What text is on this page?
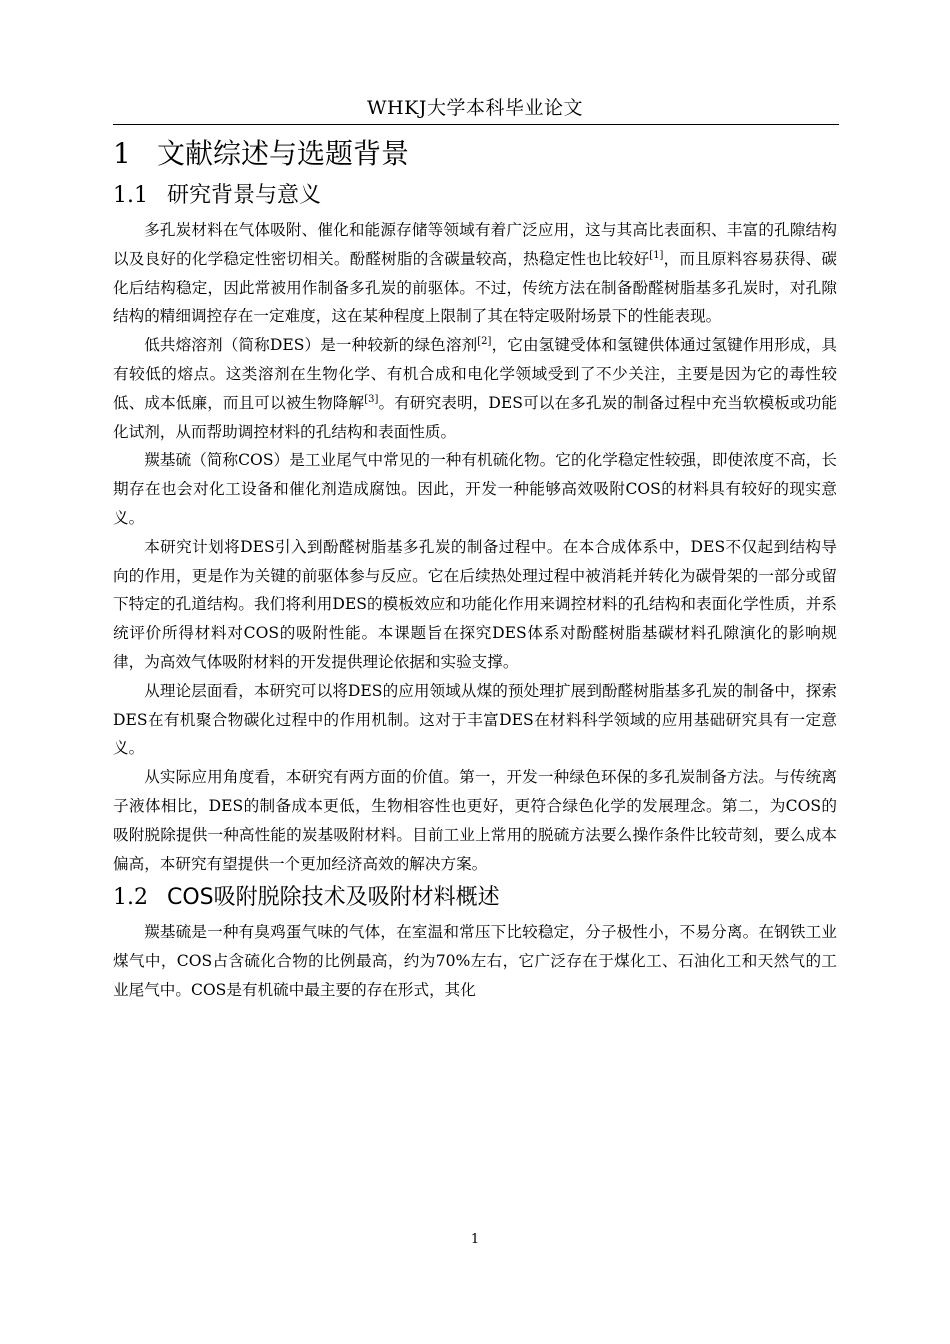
WHKJ大学本科毕业论文
1 文献综述与选题背景
1.1 研究背景与意义

多孔炭材料在气体吸附、催化和能源存储等领域有着广泛应用，这与其高比表面积、丰富的孔隙结构以及良好的化学稳定性密切相关。酚醛树脂的含碳量较高，热稳定性也比较好[1]，而且原料容易获得、碳化后结构稳定，因此常被用作制备多孔炭的前驱体。不过，传统方法在制备酚醛树脂基多孔炭时，对孔隙结构的精细调控存在一定难度，这在某种程度上限制了其在特定吸附场景下的性能表现。

低共熔溶剂（简称DES）是一种较新的绿色溶剂[2]，它由氢键受体和氢键供体通过氢键作用形成，具有较低的熔点。这类溶剂在生物化学、有机合成和电化学领域受到了不少关注，主要是因为它的毒性较低、成本低廉，而且可以被生物降解[3]。有研究表明，DES可以在多孔炭的制备过程中充当软模板或功能化试剂，从而帮助调控材料的孔结构和表面性质。

羰基硫（简称COS）是工业尾气中常见的一种有机硫化物。它的化学稳定性较强，即使浓度不高，长期存在也会对化工设备和催化剂造成腐蚀。因此，开发一种能够高效吸附COS的材料具有较好的现实意义。

本研究计划将DES引入到酚醛树脂基多孔炭的制备过程中。在本合成体系中，DES不仅起到结构导向的作用，更是作为关键的前驱体参与反应。它在后续热处理过程中被消耗并转化为碳骨架的一部分或留下特定的孔道结构。我们将利用DES的模板效应和功能化作用来调控材料的孔结构和表面化学性质，并系统评价所得材料对COS的吸附性能。本课题旨在探究DES体系对酚醛树脂基碳材料孔隙演化的影响规律，为高效气体吸附材料的开发提供理论依据和实验支撑。

从理论层面看，本研究可以将DES的应用领域从煤的预处理扩展到酚醛树脂基多孔炭的制备中，探索DES在有机聚合物碳化过程中的作用机制。这对于丰富DES在材料科学领域的应用基础研究具有一定意义。

从实际应用角度看，本研究有两方面的价值。第一，开发一种绿色环保的多孔炭制备方法。与传统离子液体相比，DES的制备成本更低，生物相容性也更好，更符合绿色化学的发展理念。第二，为COS的吸附脱除提供一种高性能的炭基吸附材料。目前工业上常用的脱硫方法要么操作条件比较苛刻，要么成本偏高，本研究有望提供一个更加经济高效的解决方案。

1.2 COS吸附脱除技术及吸附材料概述

羰基硫是一种有臭鸡蛋气味的气体，在室温和常压下比较稳定，分子极性小，不易分离。在钢铁工业煤气中，COS占含硫化合物的比例最高，约为70%左右，它广泛存在于煤化工、石油化工和天然气的工业尾气中。COS是有机硫中最主要的存在形式，其化

1
